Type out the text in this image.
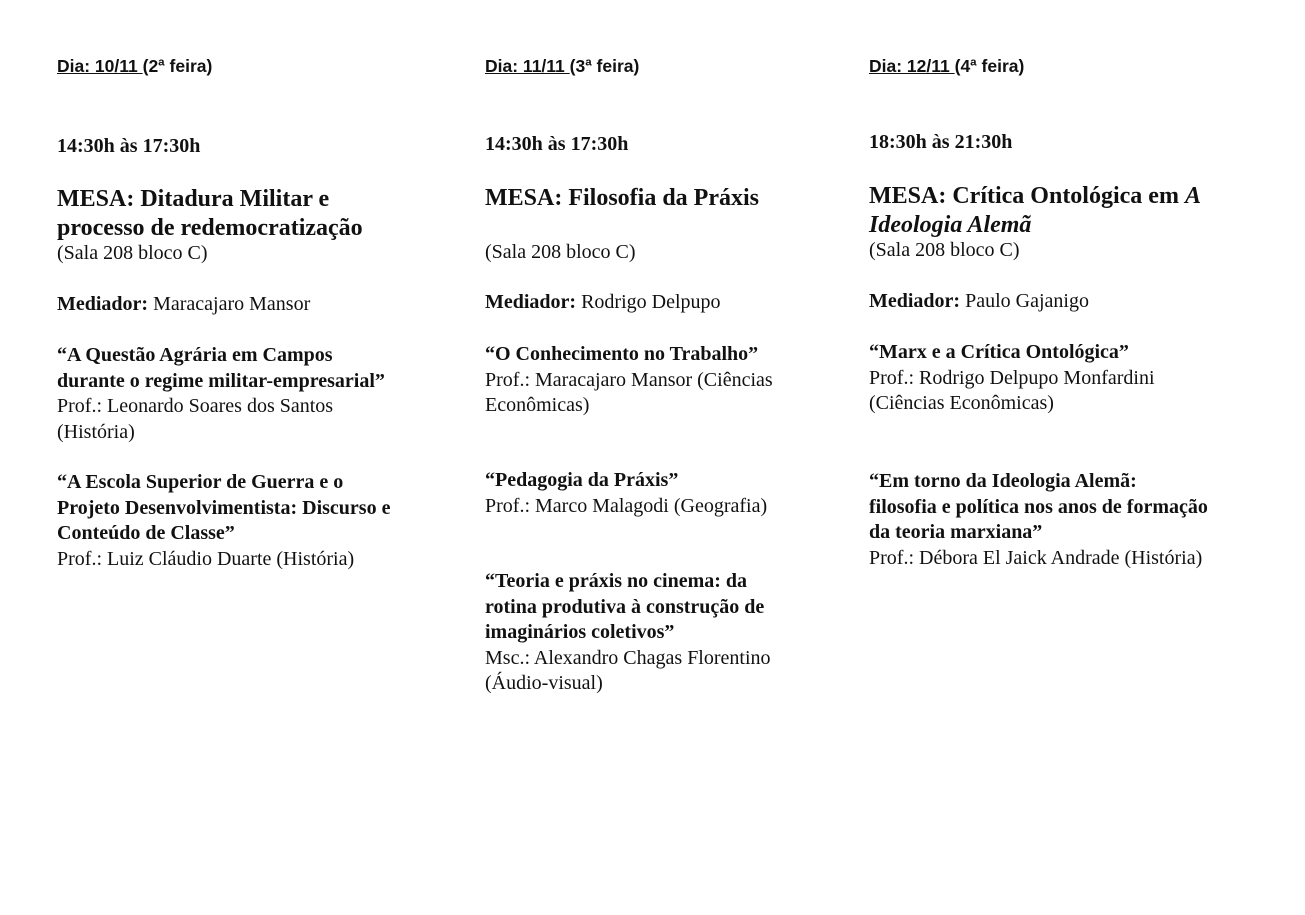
Dia: 10/11 (2ª feira)
14:30h às 17:30h
MESA: Ditadura Militar e
processo de redemocratização
(Sala 208 bloco C)
Mediador: Maracajaro Mansor
“A Questão Agrária em Campos
durante o regime militar-empresarial”
Prof.: Leonardo Soares dos Santos
(História)
“A Escola Superior de Guerra e o
Projeto Desenvolvimentista: Discurso e
Conteúdo de Classe”
Prof.: Luiz Cláudio Duarte (História)
Dia: 11/11 (3ª feira)
14:30h às 17:30h
MESA: Filosofia da Práxis
(Sala 208 bloco C)
Mediador: Rodrigo Delpupo
“O Conhecimento no Trabalho”
Prof.: Maracajaro Mansor (Ciências
Econômicas)
“Pedagogia da Práxis”
Prof.: Marco Malagodi (Geografia)
“Teoria e práxis no cinema: da
rotina produtiva à construção de
imaginários coletivos”
Msc.: Alexandro Chagas Florentino
(Áudio-visual)
Dia: 12/11 (4ª feira)
18:30h às 21:30h
MESA: Crítica Ontológica em A
Ideologia Alemã
(Sala 208 bloco C)
Mediador: Paulo Gajanigo
“Marx e a Crítica Ontológica”
Prof.: Rodrigo Delpupo Monfardini
(Ciências Econômicas)
“Em torno da Ideologia Alemã:
filosofia e política nos anos de formação
da teoria marxiana”
Prof.: Débora El Jaick Andrade (História)
